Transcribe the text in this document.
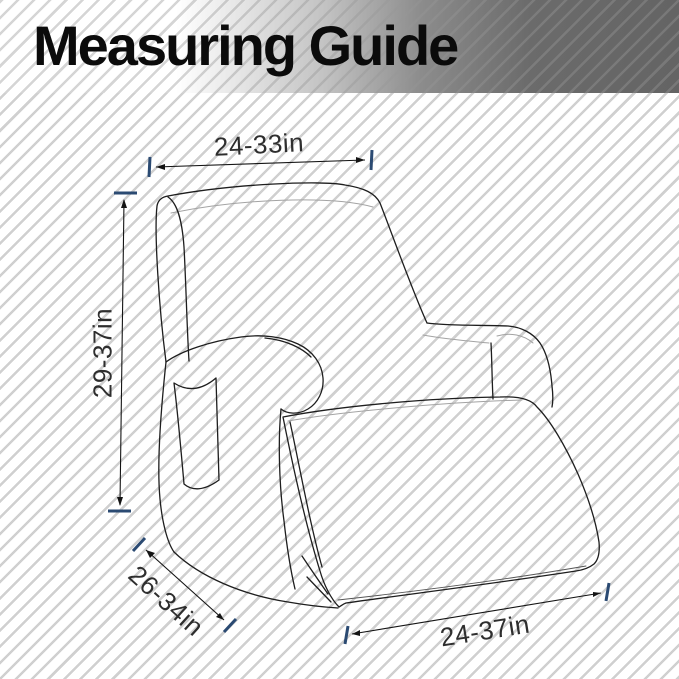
Measuring Guide
24-33in
29-37in
26-34in	24-37in
